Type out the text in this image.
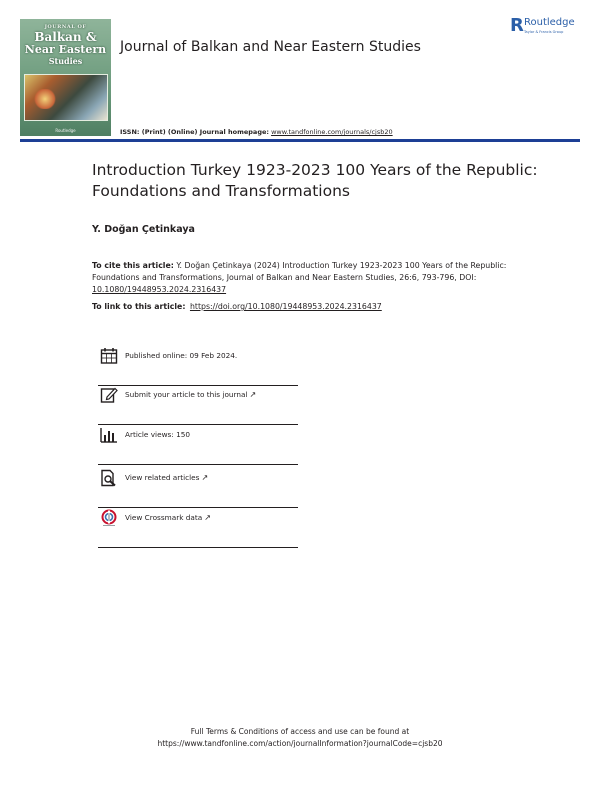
JOURNAL OF
Balkan &
Near Eastern
Studies
Routledge
Journal of Balkan and Near Eastern Studies
ISSN: (Print) (Online) Journal homepage: www.tandfonline.com/journals/cjsb20
R Routledge
Taylor & Francis Group
Introduction Turkey 1923-2023 100 Years of the Republic: Foundations and Transformations
Y. Doğan Çetinkaya
To cite this article: Y. Doğan Çetinkaya (2024) Introduction Turkey 1923-2023 100 Years of the Republic: Foundations and Transformations, Journal of Balkan and Near Eastern Studies, 26:6, 793-796, DOI: 10.1080/19448953.2024.2316437
To link to this article: https://doi.org/10.1080/19448953.2024.2316437
Published online: 09 Feb 2024.
Submit your article to this journal ↗
Article views: 150
View related articles ↗
View Crossmark data ↗
Full Terms & Conditions of access and use can be found at
https://www.tandfonline.com/action/journalInformation?journalCode=cjsb20
